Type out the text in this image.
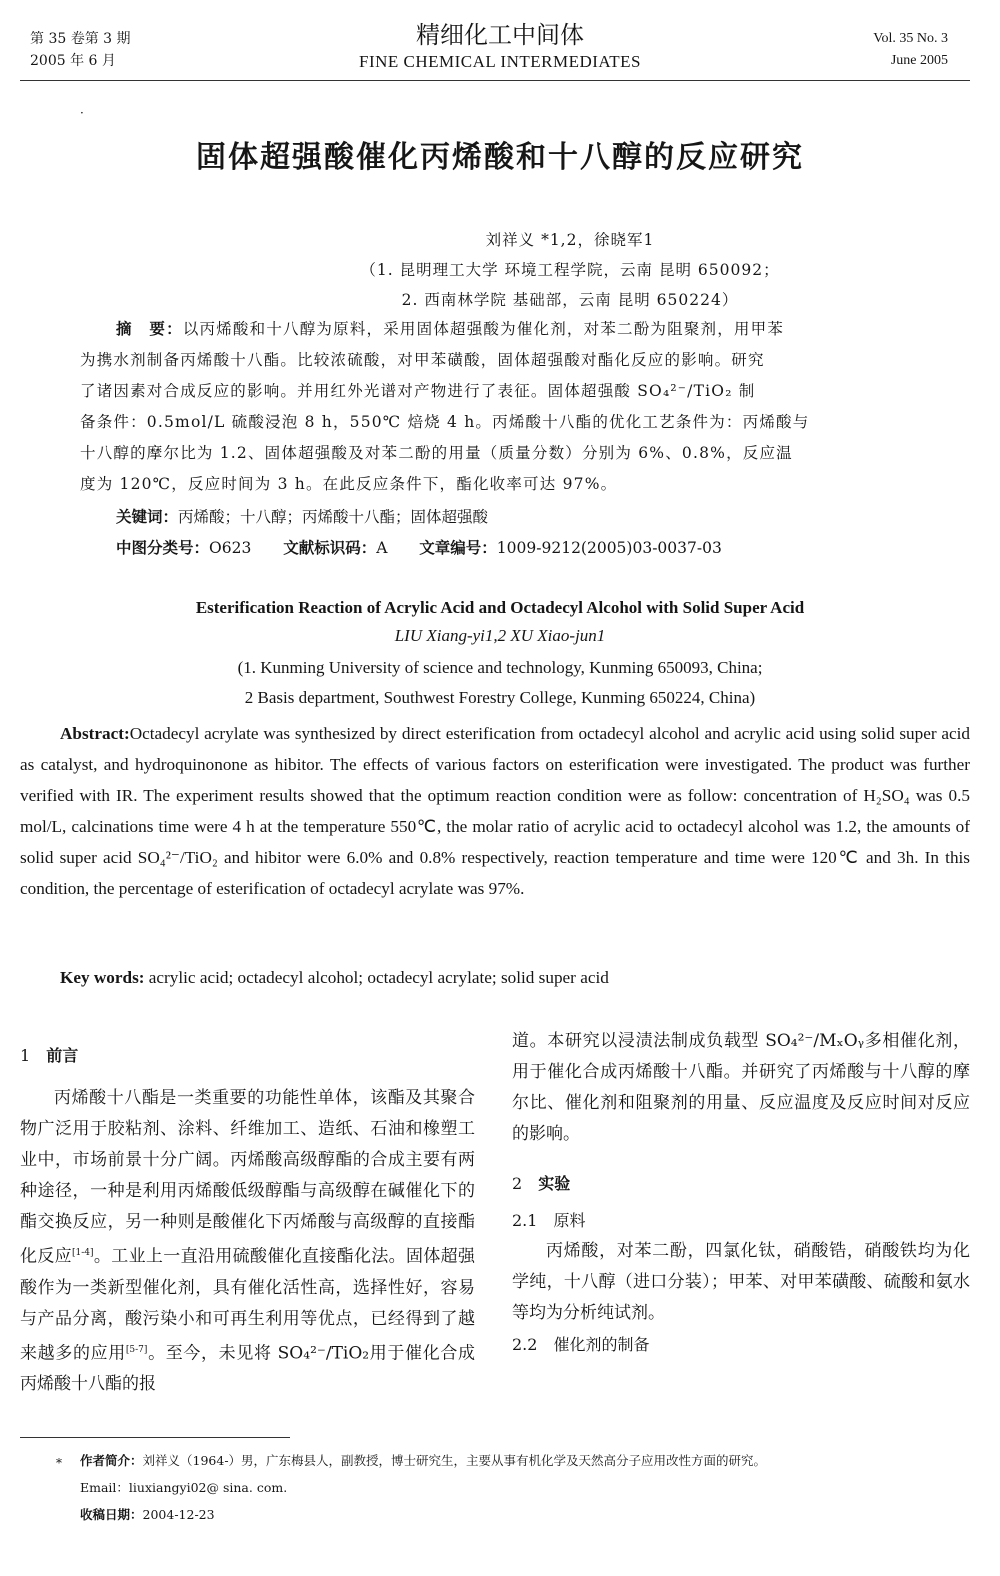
第 35 卷第 3 期
2005 年 6 月
精细化工中间体
FINE CHEMICAL INTERMEDIATES
Vol. 35 No. 3
June 2005
·
固体超强酸催化丙烯酸和十八醇的反应研究
刘祥义 *1,2，徐晓军1
（1. 昆明理工大学 环境工程学院，云南 昆明 650092；
2. 西南林学院 基础部，云南 昆明 650224）
摘　要：以丙烯酸和十八醇为原料，采用固体超强酸为催化剂，对苯二酚为阻聚剂，用甲苯
为携水剂制备丙烯酸十八酯。比较浓硫酸，对甲苯磺酸，固体超强酸对酯化反应的影响。研究
了诸因素对合成反应的影响。并用红外光谱对产物进行了表征。固体超强酸 SO₄²⁻/TiO₂ 制
备条件：0.5mol/L 硫酸浸泡 8 h，550℃ 焙烧 4 h。丙烯酸十八酯的优化工艺条件为：丙烯酸与
十八醇的摩尔比为 1.2、固体超强酸及对苯二酚的用量（质量分数）分别为 6%、0.8%，反应温
度为 120℃，反应时间为 3 h。在此反应条件下，酯化收率可达 97%。
关键词：丙烯酸；十八醇；丙烯酸十八酯；固体超强酸
中图分类号：O623 文献标识码：A 文章编号：1009-9212(2005)03-0037-03
Esterification Reaction of Acrylic Acid and Octadecyl Alcohol with Solid Super Acid
LIU Xiang-yi1,2 XU Xiao-jun1
(1. Kunming University of science and technology, Kunming 650093, China;
2 Basis department, Southwest Forestry College, Kunming 650224, China)
Abstract:Octadecyl acrylate was synthesized by direct esterification from octadecyl alcohol and acrylic acid using solid super acid as catalyst, and hydroquinonone as hibitor. The effects of various factors on esterification were investigated. The product was further verified with IR. The experiment results showed that the optimum reaction condition were as follow: concentration of H₂SO₄ was 0.5 mol/L, calcinations time were 4 h at the temperature 550℃, the molar ratio of acrylic acid to octadecyl alcohol was 1.2, the amounts of solid super acid SO₄²⁻/TiO₂ and hibitor were 6.0% and 0.8% respectively, reaction temperature and time were 120℃ and 3h. In this condition, the percentage of esterification of octadecyl acrylate was 97%.
Key words: acrylic acid; octadecyl alcohol; octadecyl acrylate; solid super acid
1　 前言
丙烯酸十八酯是一类重要的功能性单体，该酯及其聚合物广泛用于胶粘剂、涂料、纤维加工、造纸、石油和橡塑工业中，市场前景十分广阔。丙烯酸高级醇酯的合成主要有两种途径，一种是利用丙烯酸低级醇酯与高级醇在碱催化下的酯交换反应，另一种则是酸催化下丙烯酸与高级醇的直接酯化反应[1-4]。工业上一直沿用硫酸催化直接酯化法。固体超强酸作为一类新型催化剂，具有催化活性高，选择性好，容易与产品分离，酸污染小和可再生利用等优点，已经得到了越来越多的应用[5-7]。至今，未见将 SO₄²⁻/TiO₂用于催化合成丙烯酸十八酯的报
道。本研究以浸渍法制成负载型 SO₄²⁻/MₓOᵧ多相催化剂，用于催化合成丙烯酸十八酯。并研究了丙烯酸与十八醇的摩尔比、催化剂和阻聚剂的用量、反应温度及反应时间对反应的影响。
2　 实验
2.1　 原料
丙烯酸，对苯二酚，四氯化钛，硝酸锆，硝酸铁均为化学纯，十八醇（进口分装）；甲苯、对甲苯磺酸、硫酸和氨水等均为分析纯试剂。
2.2　 催化剂的制备
* 作者简介：刘祥义（1964-）男，广东梅县人，副教授，博士研究生，主要从事有机化学及天然高分子应用改性方面的研究。
Email：liuxiangyi02@ sina. com.
收稿日期：2004-12-23
